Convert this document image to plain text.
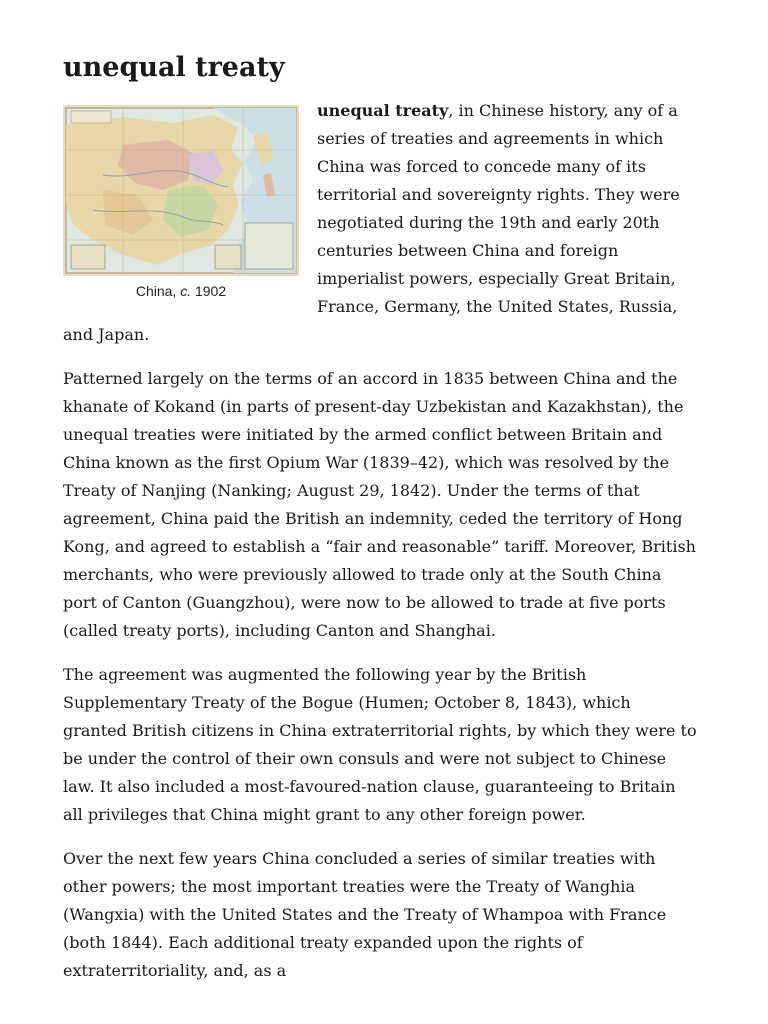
unequal treaty
China, c. 1902

unequal treaty, in Chinese history, any of a series of treaties and agreements in which China was forced to concede many of its territorial and sovereignty rights. They were negotiated during the 19th and early 20th centuries between China and foreign imperialist powers, especially Great Britain, France, Germany, the United States, Russia, and Japan.

Patterned largely on the terms of an accord in 1835 between China and the khanate of Kokand (in parts of present-day Uzbekistan and Kazakhstan), the unequal treaties were initiated by the armed conflict between Britain and China known as the first Opium War (1839–42), which was resolved by the Treaty of Nanjing (Nanking; August 29, 1842). Under the terms of that agreement, China paid the British an indemnity, ceded the territory of Hong Kong, and agreed to establish a “fair and reasonable” tariff. Moreover, British merchants, who were previously allowed to trade only at the South China port of Canton (Guangzhou), were now to be allowed to trade at five ports (called treaty ports), including Canton and Shanghai.

The agreement was augmented the following year by the British Supplementary Treaty of the Bogue (Humen; October 8, 1843), which granted British citizens in China extraterritorial rights, by which they were to be under the control of their own consuls and were not subject to Chinese law. It also included a most-favoured-nation clause, guaranteeing to Britain all privileges that China might grant to any other foreign power.

Over the next few years China concluded a series of similar treaties with other powers; the most important treaties were the Treaty of Wanghia (Wangxia) with the United States and the Treaty of Whampoa with France (both 1844). Each additional treaty expanded upon the rights of extraterritoriality, and, as a
